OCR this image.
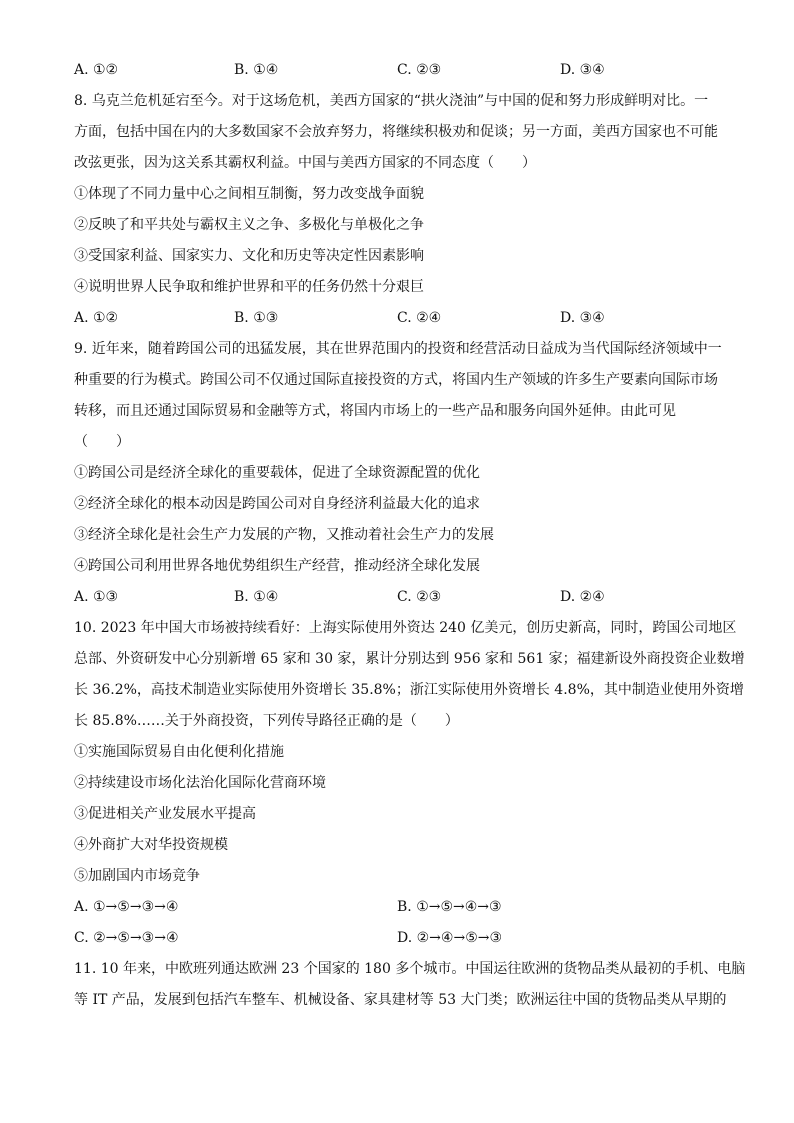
A. ①②	B. ①④	C. ②③	D. ③④

8. 乌克兰危机延宕至今。对于这场危机，美西方国家的“拱火浇油”与中国的促和努力形成鲜明对比。一

方面，包括中国在内的大多数国家不会放弃努力，将继续积极劝和促谈；另一方面，美西方国家也不可能

改弦更张，因为这关系其霸权利益。中国与美西方国家的不同态度（　　）

①体现了不同力量中心之间相互制衡，努力改变战争面貌

②反映了和平共处与霸权主义之争、多极化与单极化之争

③受国家利益、国家实力、文化和历史等决定性因素影响

④说明世界人民争取和维护世界和平的任务仍然十分艰巨

A. ①②	B. ①③	C. ②④	D. ③④

9. 近年来，随着跨国公司的迅猛发展，其在世界范围内的投资和经营活动日益成为当代国际经济领域中一

种重要的行为模式。跨国公司不仅通过国际直接投资的方式，将国内生产领域的许多生产要素向国际市场

转移，而且还通过国际贸易和金融等方式，将国内市场上的一些产品和服务向国外延伸。由此可见

（　　）

①跨国公司是经济全球化的重要载体，促进了全球资源配置的优化

②经济全球化的根本动因是跨国公司对自身经济利益最大化的追求

③经济全球化是社会生产力发展的产物，又推动着社会生产力的发展

④跨国公司利用世界各地优势组织生产经营，推动经济全球化发展

A. ①③	B. ①④	C. ②③	D. ②④

10. 2023 年中国大市场被持续看好：上海实际使用外资达 240 亿美元，创历史新高，同时，跨国公司地区

总部、外资研发中心分别新增 65 家和 30 家，累计分别达到 956 家和 561 家；福建新设外商投资企业数增

长 36.2%，高技术制造业实际使用外资增长 35.8%；浙江实际使用外资增长 4.8%，其中制造业使用外资增

长 85.8%……关于外商投资，下列传导路径正确的是（　　）

①实施国际贸易自由化便利化措施

②持续建设市场化法治化国际化营商环境

③促进相关产业发展水平提高

④外商扩大对华投资规模

⑤加剧国内市场竞争

A. ①→⑤→③→④	B. ①→⑤→④→③
C. ②→⑤→③→④	D. ②→④→⑤→③

11. 10 年来，中欧班列通达欧洲 23 个国家的 180 多个城市。中国运往欧洲的货物品类从最初的手机、电脑

等 IT 产品，发展到包括汽车整车、机械设备、家具建材等 53 大门类；欧洲运往中国的货物品类从早期的
